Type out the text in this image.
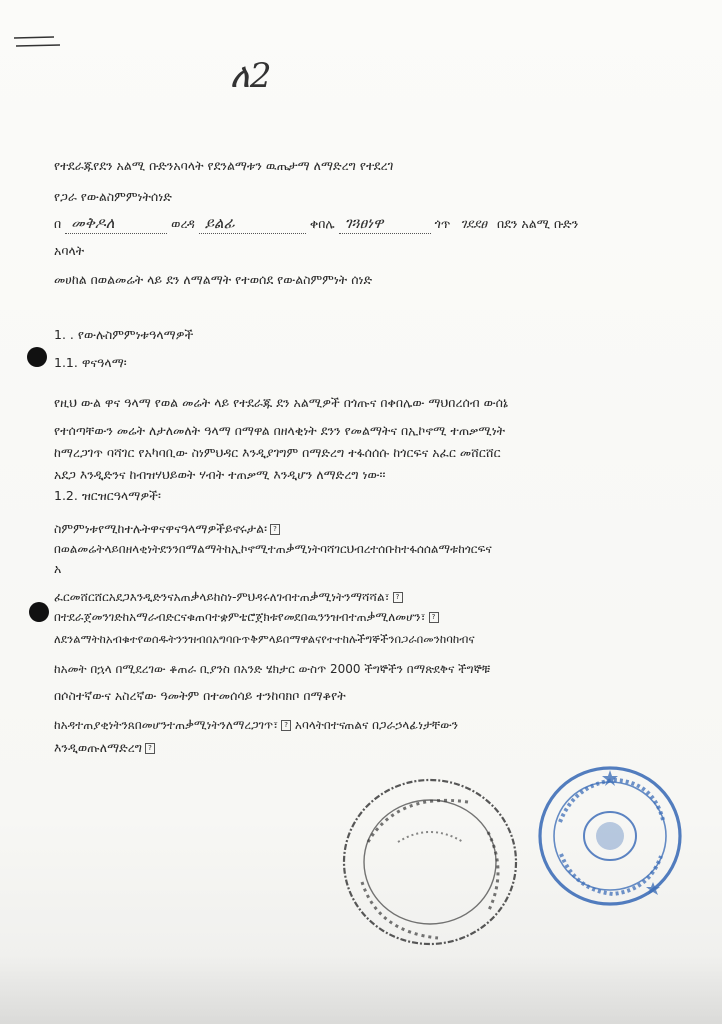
ለ2
የተደራጁየደን አልሚ ቡድንአባላት የደንልማቱን ዉጤታማ ለማድረግ የተደረገ
የጋራ የውልስምምነትሰነድ
በ መቅዶለ	ወረዳ ይልፊ	ቀበሌ ገጓፀነዋ	ጎጥ ገደደፀ በደን አልሚ ቡድን
አባላት
መሀከል በወልመሬት ላይ ደን ለማልማት የተወሰደ የውልስምምነት ሰነድ
1. . የውሉስምምነቱዓላማዎች
1.1. ዋናዓላማ፡
የዚህ ውል ዋና ዓላማ የወል መሬት ላይ የተደራጁ ደን አልሚዎች በጎጡና በቀበሌው ማህበረሰብ ውሰኔ
የተሰጣቸውን መሬት ለታለመለት ዓላማ በማዋል በዘላቂነት ደንን የመልማትና በኢኮኖሚ ተጠቃሚነት
ከማረጋገጥ ባሻገር የአካባቢው ስነምህዳር እንዲያገግም በማድረግ ተፋሰሰሱ ከጎርፍና አፈር መሸርሸር
አደጋ እንዲድንና ከብዝሃህይወት ሃብት ተጠቃሚ እንዲሆን ለማድረግ ነው፡፡
1.2. ዝርዝርዓላማዎች፡
ስምምነቱየሚከተሉትዋናዋናዓላማዎችይኖሩታል፡ ?
በወልመሬትላይበዘላቂነትደንንበማልማትከኢኮኖሚተጠቃሚነትባሻገርህብረተሰቡከተፋሰሰልማቱከጎርፍና
አ
ፈርመሸርሸርአደጋእንዲድንናአጠቃላይከስነ-ምህዳሩለገብተጠቃሚነትንማሻሻል፣ ?
በተደራጀመንገድከአማራብድርናቁጠባተቋምቴሮጀክቱየመደበዉንንዝብተጠቃሚለመሆን፣ ?
ለደንልማትከአብቁተየወሰዱትንንዝብበአግባቡጥቅምላይበማዋልናየተተከሉችግኞችንበጋራበመንከባከብና
ከአመት በኋላ በሚደረገው ቆጠራ ቢያንስ በአንድ ሄክታር ውስጥ 2000 ችግኞችን በማጽደቅና ችግኞቹ
በሶስተኛውና አስረኛው ዓመትም በተመሰሳይ ተንከባክቦ በማቆየት
ከአዳተጠያቂነትንጸበመሆንተጠቃሚነትንለማረጋገጥ፣ ? አባላትበተናጠልና በጋራኃላፊነታቸውን
እንዲወጡለማድረግ ?
